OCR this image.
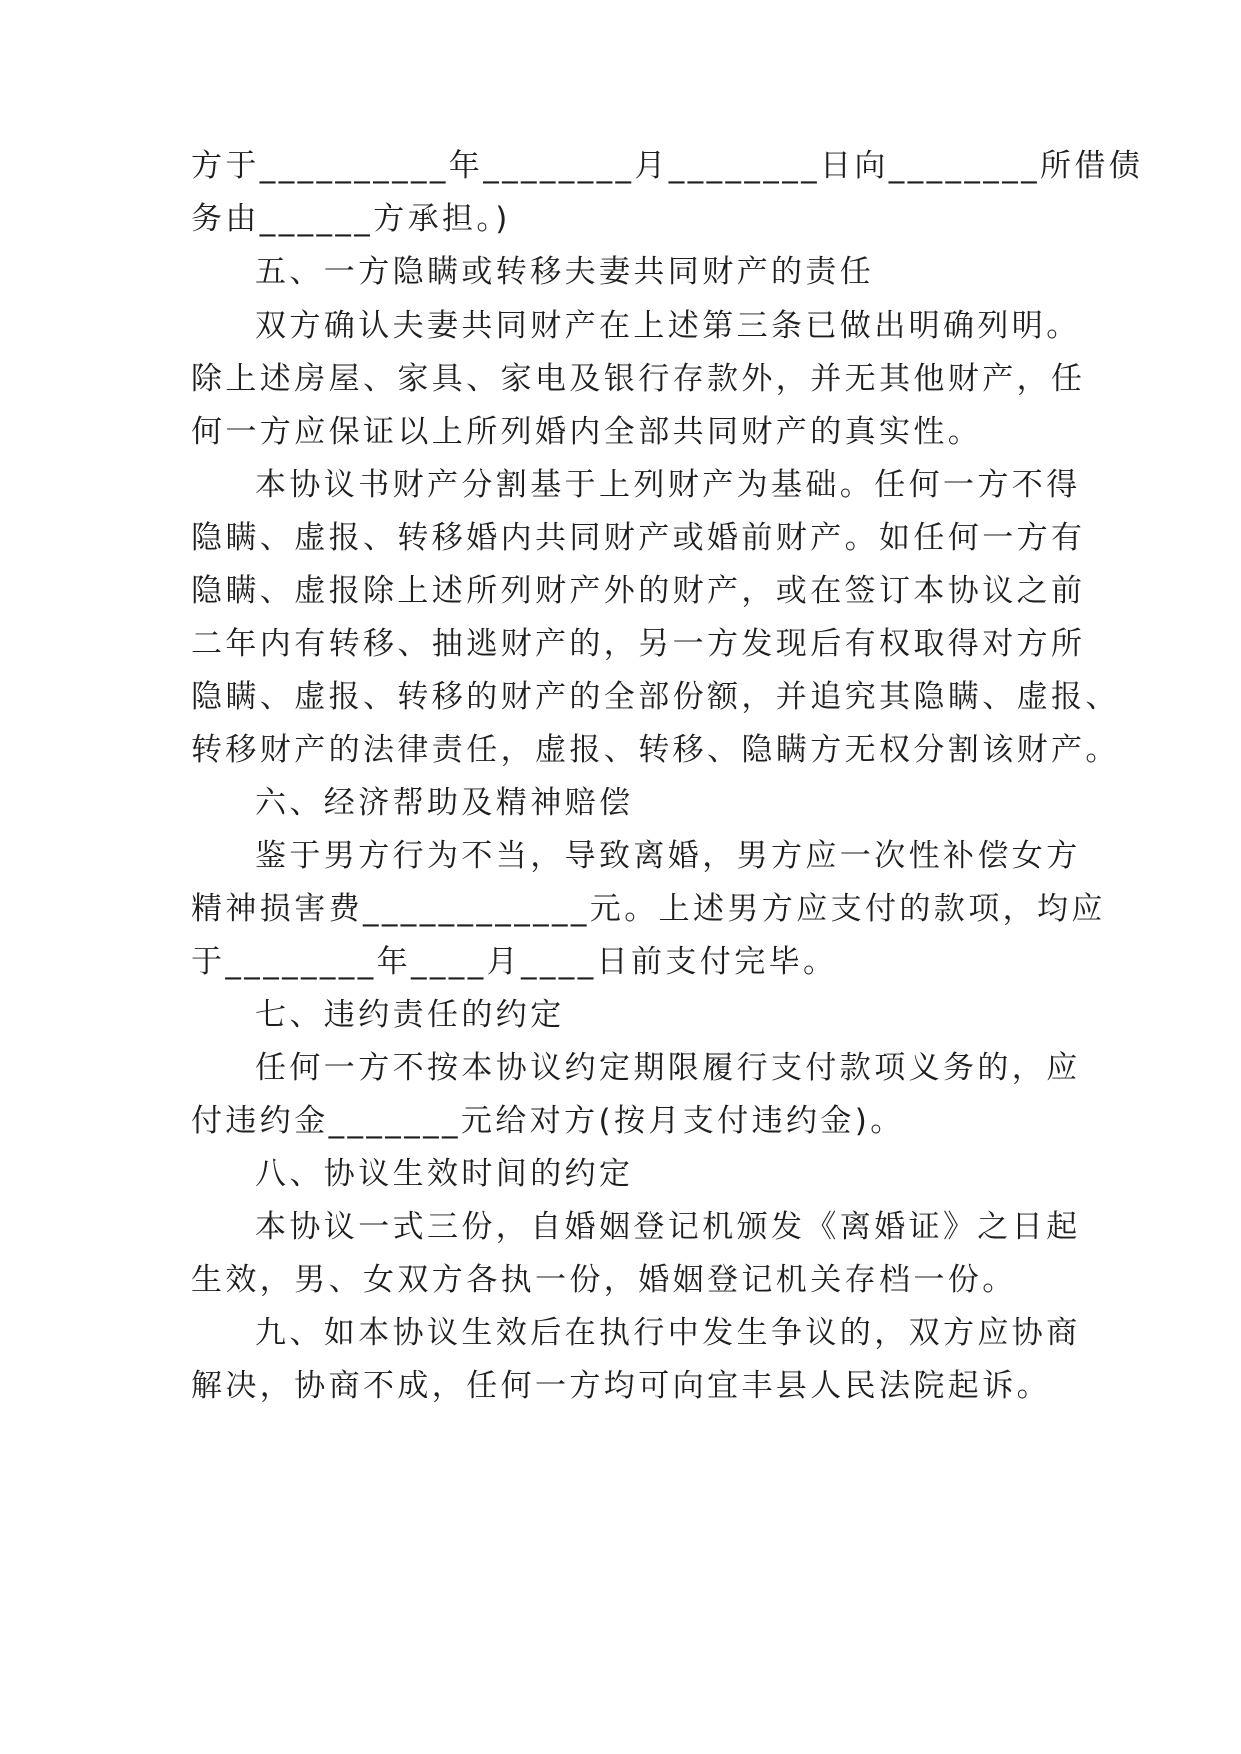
方于__________年________月________日向________所借债
务由______方承担。)
五、一方隐瞒或转移夫妻共同财产的责任
双方确认夫妻共同财产在上述第三条已做出明确列明。
除上述房屋、家具、家电及银行存款外，并无其他财产，任
何一方应保证以上所列婚内全部共同财产的真实性。
本协议书财产分割基于上列财产为基础。任何一方不得
隐瞒、虚报、转移婚内共同财产或婚前财产。如任何一方有
隐瞒、虚报除上述所列财产外的财产，或在签订本协议之前
二年内有转移、抽逃财产的，另一方发现后有权取得对方所
隐瞒、虚报、转移的财产的全部份额，并追究其隐瞒、虚报、
转移财产的法律责任，虚报、转移、隐瞒方无权分割该财产。
六、经济帮助及精神赔偿
鉴于男方行为不当，导致离婚，男方应一次性补偿女方
精神损害费____________元。上述男方应支付的款项，均应
于________年____月____日前支付完毕。
七、违约责任的约定
任何一方不按本协议约定期限履行支付款项义务的，应
付违约金_______元给对方(按月支付违约金)。
八、协议生效时间的约定
本协议一式三份，自婚姻登记机颁发《离婚证》之日起
生效，男、女双方各执一份，婚姻登记机关存档一份。
九、如本协议生效后在执行中发生争议的，双方应协商
解决，协商不成，任何一方均可向宜丰县人民法院起诉。
